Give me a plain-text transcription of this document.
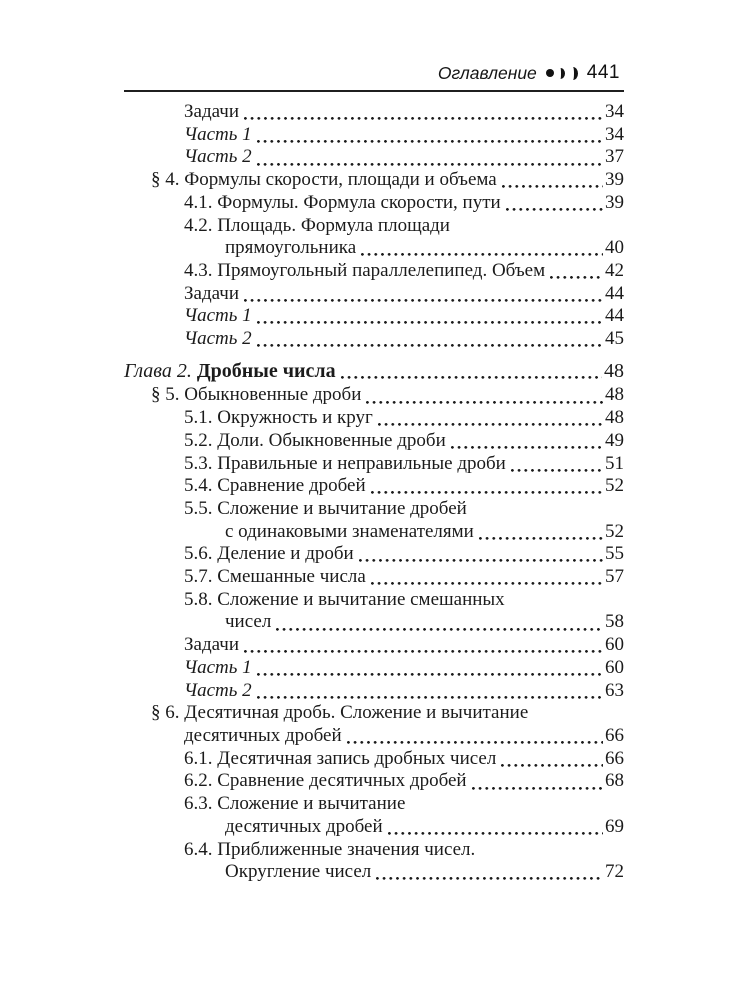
Оглавление	441
Задачи	34
Часть 1	34
Часть 2	37
§ 4. Формулы скорости, площади и объема	39
4.1. Формулы. Формула скорости, пути	39
4.2. Площадь. Формула площади
прямоугольника	40
4.3. Прямоугольный параллелепипед. Объем	42
Задачи	44
Часть 1	44
Часть 2	45
Глава 2. Дробные числа	48
§ 5. Обыкновенные дроби	48
5.1. Окружность и круг	48
5.2. Доли. Обыкновенные дроби	49
5.3. Правильные и неправильные дроби	51
5.4. Сравнение дробей	52
5.5. Сложение и вычитание дробей
с одинаковыми знаменателями	52
5.6. Деление и дроби	55
5.7. Смешанные числа	57
5.8. Сложение и вычитание смешанных
чисел	58
Задачи	60
Часть 1	60
Часть 2	63
§ 6. Десятичная дробь. Сложение и вычитание
десятичных дробей	66
6.1. Десятичная запись дробных чисел	66
6.2. Сравнение десятичных дробей	68
6.3. Сложение и вычитание
десятичных дробей	69
6.4. Приближенные значения чисел.
Округление чисел	72
